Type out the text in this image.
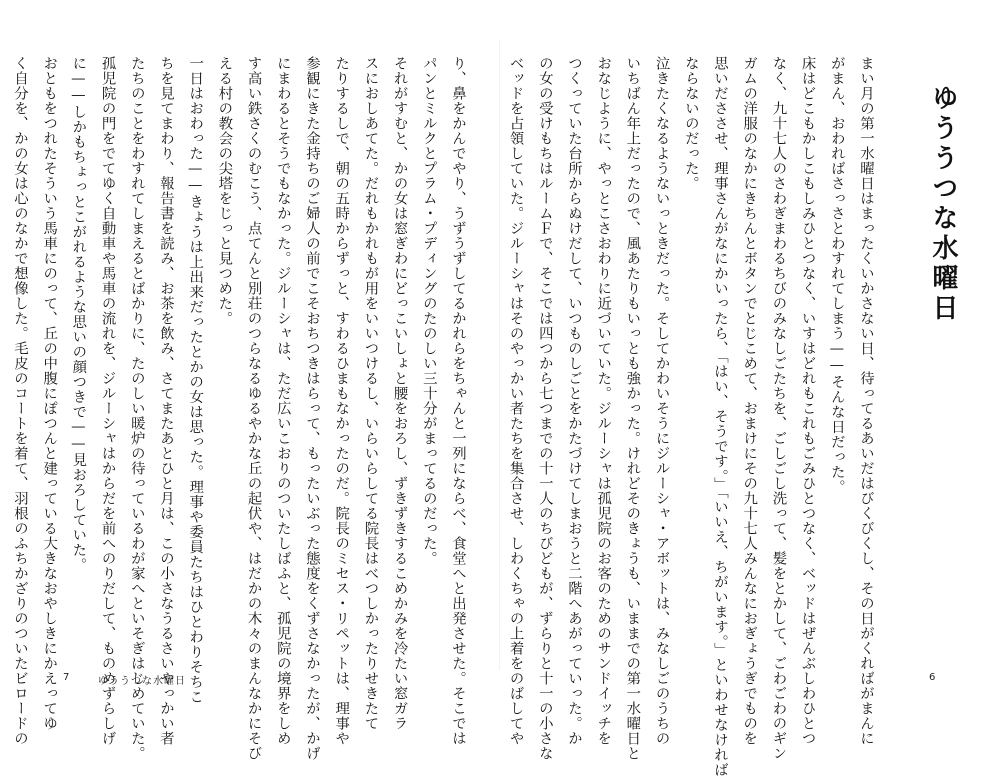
り、鼻をかんでやり、うずうずしてるかれらをちゃんと一列にならべ、食堂へと出発させた。そこでは
パンとミルクとプラム・プディングのたのしい三十分がまってるのだった。
それがすむと、かの女は窓ぎわにどっこいしょと腰をおろし、ずきずきするこめかみを冷たい窓ガラ
スにおしあてた。だれもかれもが用をいいつけるし、いらいらしてる院長はべつしかったりせきたて
たりするしで、朝の五時からずっと、すわるひまもなかったのだ。院長のミセス・リペットは、理事や
参観にきた金持ちのご婦人の前でこそおちつきはらって、もったいぶった態度をくずさなかったが、かげ
にまわるとそうでもなかった。ジルーシャは、ただ広いこおりのついたしばふと、孤児院の境界をしめ
す高い鉄さくのむこう、点てんと別荘のつらなるゆるやかな丘の起伏や、はだかの木々のまんなかにそび
える村の教会の尖塔をじっと見つめた。
一日はおわった——きょうは上出来だったとかの女は思った。理事や委員たちはひとわりそちこ
ちを見てまわり、報告書を読み、お茶を飲み、さてまたあとひと月は、この小さなうるさいやっかい者
たちのことをわすれてしまえるとばかりに、たのしい暖炉の待っているわが家へといそぎはじめていた。
孤児院の門をでてゆく自動車や馬車の流れを、ジルーシャはからだを前へのりだして、ものめずらしげ
に——しかもちょっとこがれるような思いの顔つきで——見おろしていた。
おともをつれたそういう馬車にのって、丘の中腹にぽつんと建っている大きなおやしきにかえってゆ
く自分を、かの女は心のなかで想像した。毛皮のコートを着て、羽根のふちかざりのついたビロードの	7	ゆううつな水曜日
ゆううつな水曜日
まい月の第一水曜日はまったくいかさない日、待ってるあいだはびくびくし、その日がくればがまんに
がまん、おわればさっさとわすれてしまう——そんな日だった。
床はどこもかしこもしみひとつなく、いすはどれもこれもごみひとつなく、ベッドはぜんぶしわひとつ
なく、九十七人のさわぎまわるちびのみなしごたちを、ごしごし洗って、髪をとかして、ごわごわのギン
ガムの洋服のなかにきちんとボタンでとじこめて、おまけにその九十七人みんなにおぎょうぎでものを
思いだささせ、理事さんがなにかいったら、「はい、そうです。」「いいえ、ちがいます。」といわせなければ
ならないのだった。
泣きたくなるようないっときだった。そしてかわいそうにジルーシャ・アボットは、みなしごのうちの
いちばん年上だったので、風あたりもいっとも強かった。けれどそのきょうも、いままでの第一水曜日と
おなじように、やっとこさおわりに近づいていた。ジルーシャは孤児院のお客のためのサンドイッチを
つくっていた台所からぬけだして、いつものしごとをかたづけてしまおうと二階へあがっていった。か
の女の受けもちはルームＦで、そこでは四つから七つまでの十一人のちびどもが、ずらりと十一の小さな
ベッドを占領していた。ジルーシャはそのやっかい者たちを集合させ、しわくちゃの上着をのばしてや	6
